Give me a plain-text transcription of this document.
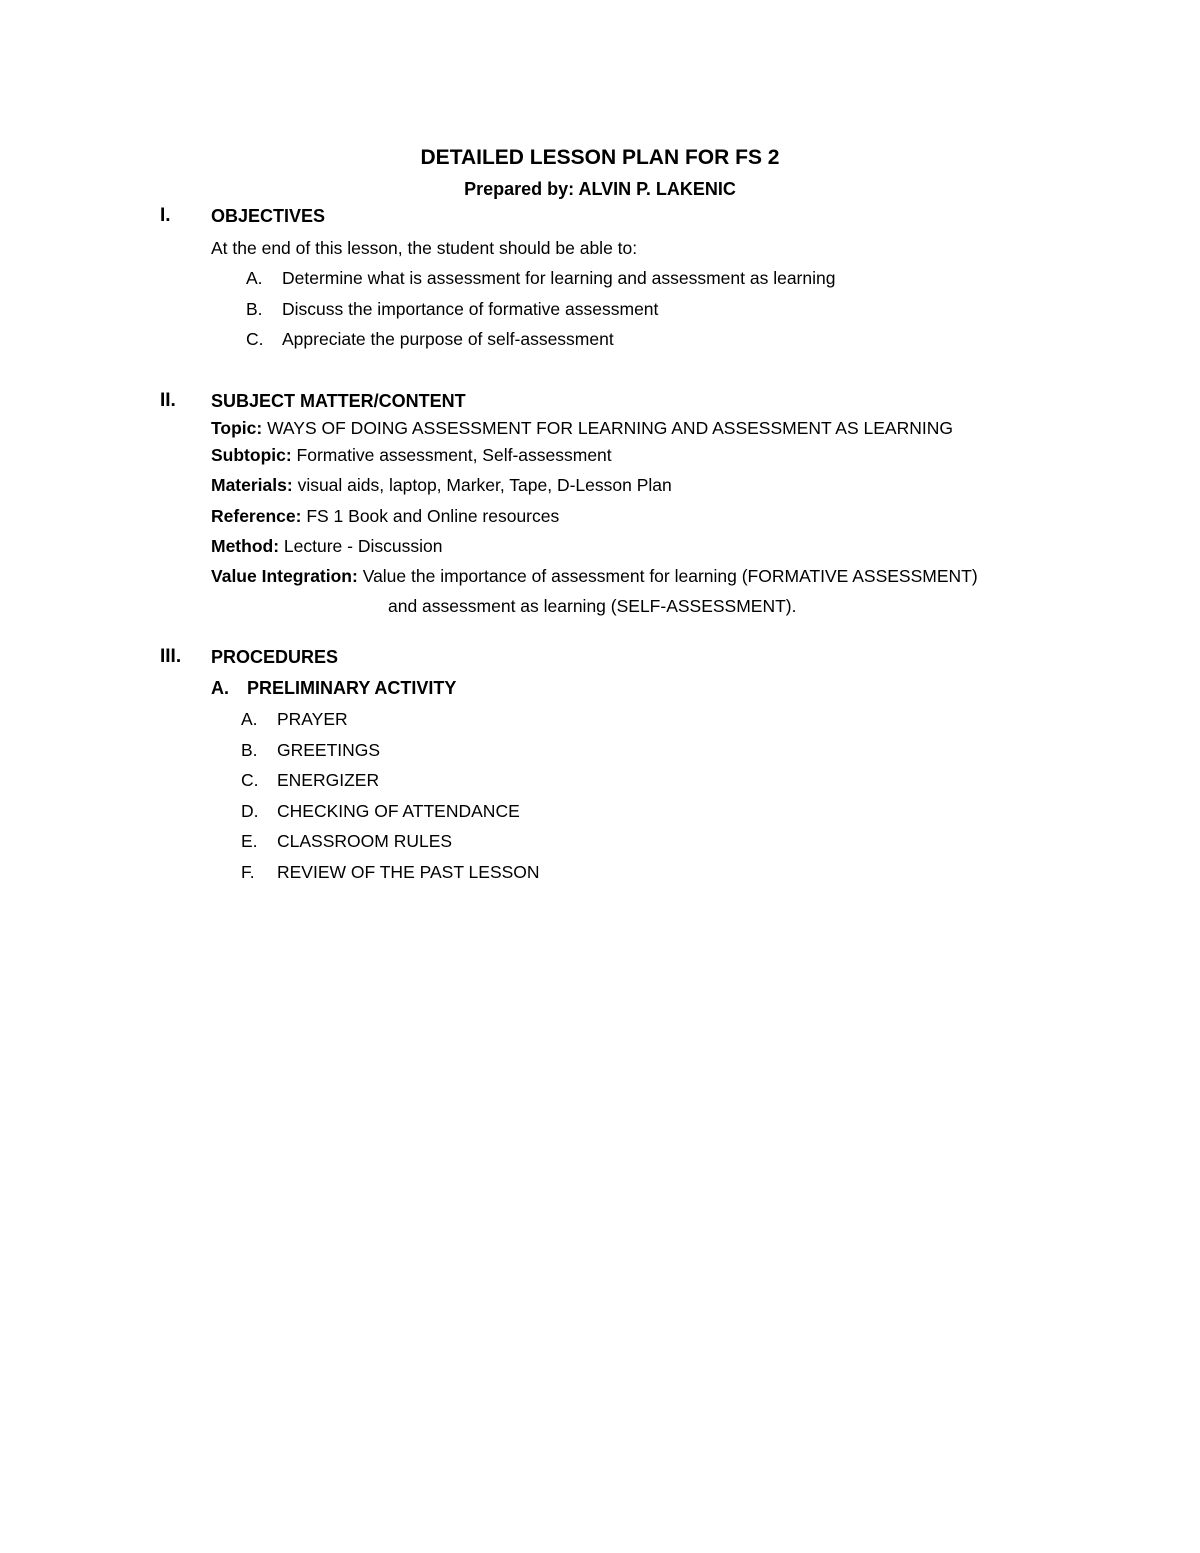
DETAILED LESSON PLAN FOR FS 2
Prepared by: ALVIN P. LAKENIC
I. OBJECTIVES
At the end of this lesson, the student should be able to:
A. Determine what is assessment for learning and assessment as learning
B. Discuss the importance of formative assessment
C. Appreciate the purpose of self-assessment
II. SUBJECT MATTER/CONTENT
Topic: WAYS OF DOING ASSESSMENT FOR LEARNING AND ASSESSMENT AS LEARNING
Subtopic: Formative assessment, Self-assessment
Materials: visual aids, laptop, Marker, Tape, D-Lesson Plan
Reference: FS 1 Book and Online resources
Method: Lecture - Discussion
Value Integration: Value the importance of assessment for learning (FORMATIVE ASSESSMENT)
and assessment as learning (SELF-ASSESSMENT).
III. PROCEDURES
A. PRELIMINARY ACTIVITY
A. PRAYER
B. GREETINGS
C. ENERGIZER
D. CHECKING OF ATTENDANCE
E. CLASSROOM RULES
F. REVIEW OF THE PAST LESSON
